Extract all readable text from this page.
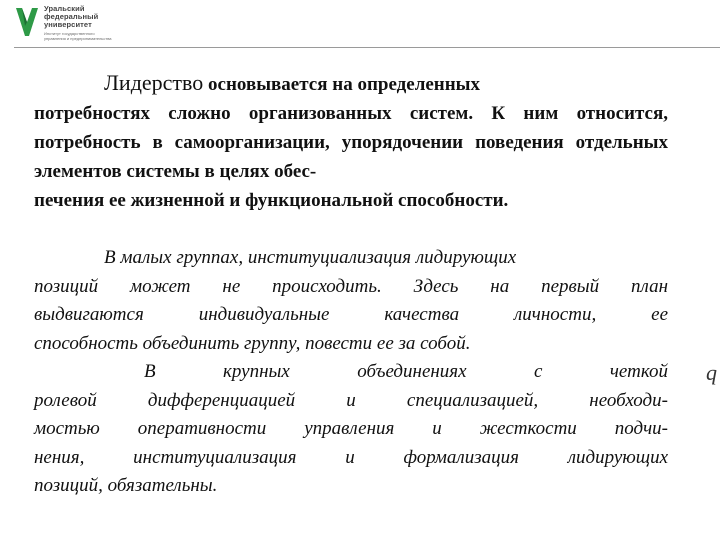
Уральский
федеральный
университет
Институт государственного
управления и предпринимательства

Лидерство основывается на определенных
потребностях сложно организованных систем. К ним относится, потребность в самоорганизации, упорядочении поведения отдельных элементов системы в целях обес-
печения ее жизненной и функциональной способности.

В малых группах, институциализация лидирующих
позиций может не происходить. Здесь на первый план
выдвигаются индивидуальные качества личности, ее
способность объединить группу, повести ее за собой.
В крупных объединениях с четкой
ролевой дифференциацией и специализацией, необходи-
мостью оперативности управления и жесткости подчи-
нения, институциализация и формализация лидирующих
позиций, обязательны.

q
